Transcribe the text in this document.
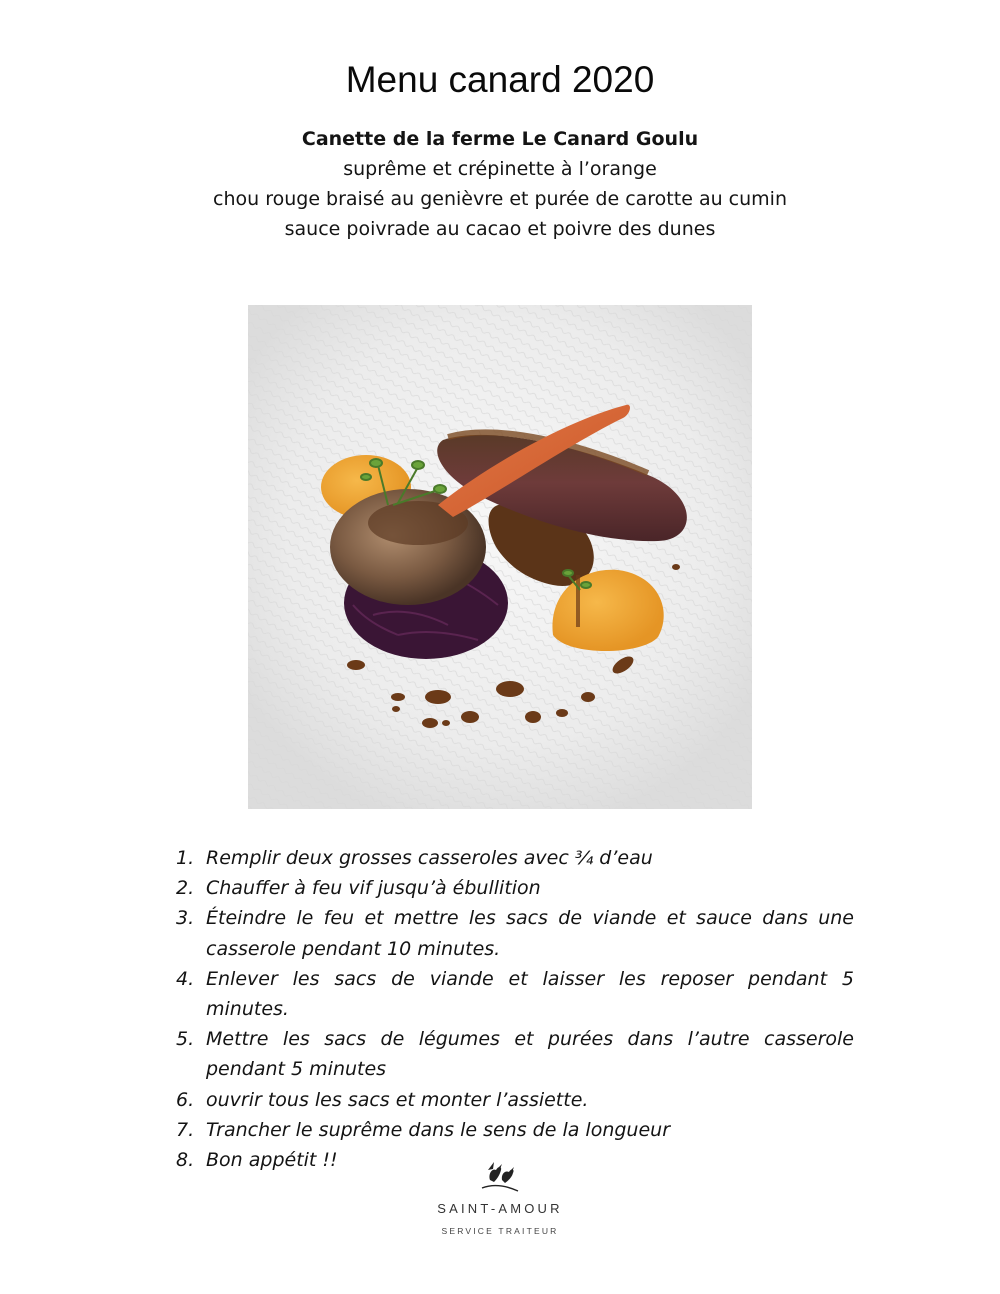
Menu canard 2020
Canette de la ferme Le Canard Goulu
suprême et crépinette à l’orange
chou rouge braisé au genièvre et purée de carotte au cumin
sauce poivrade au cacao et poivre des dunes
1. Remplir deux grosses casseroles avec ¾ d’eau
2. Chauffer à feu vif jusqu’à ébullition
3. Éteindre le feu et mettre les sacs de viande et sauce dans une casserole pendant 10 minutes.
4. Enlever les sacs de viande et laisser les reposer pendant 5 minutes.
5. Mettre les sacs de légumes et purées dans l’autre casserole pendant 5 minutes
6. ouvrir tous les sacs et monter l’assiette.
7. Trancher le suprême dans le sens de la longueur
8. Bon appétit !!
SAINT-AMOUR
SERVICE TRAITEUR
